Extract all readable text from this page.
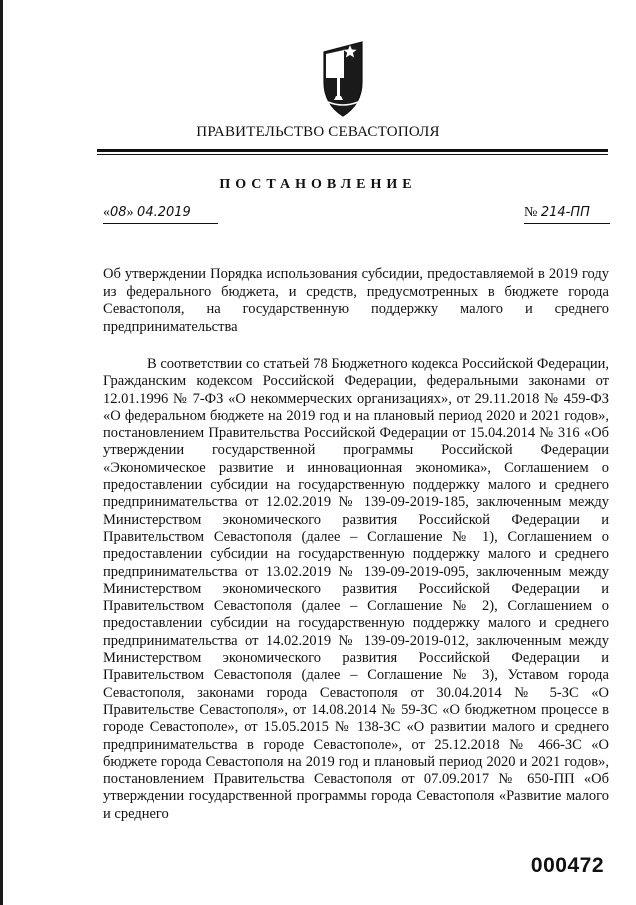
ПРАВИТЕЛЬСТВО СЕВАСТОПОЛЯ
ПОСТАНОВЛЕНИЕ
«08» 04.2019	№ 214-ПП
Об утверждении Порядка использования субсидии, предоставляемой в 2019 году из федерального бюджета, и средств, предусмотренных в бюджете города Севастополя, на государственную поддержку малого и среднего предпринимательства
В соответствии со статьей 78 Бюджетного кодекса Российской Федерации, Гражданским кодексом Российской Федерации, федеральными законами от 12.01.1996 № 7-ФЗ «О некоммерческих организациях», от 29.11.2018 № 459-ФЗ «О федеральном бюджете на 2019 год и на плановый период 2020 и 2021 годов», постановлением Правительства Российской Федерации от 15.04.2014 № 316 «Об утверждении государственной программы Российской Федерации «Экономическое развитие и инновационная экономика», Соглашением о предоставлении субсидии на государственную поддержку малого и среднего предпринимательства от 12.02.2019 № 139-09-2019-185, заключенным между Министерством экономического развития Российской Федерации и Правительством Севастополя (далее – Соглашение № 1), Соглашением о предоставлении субсидии на государственную поддержку малого и среднего предпринимательства от 13.02.2019 № 139-09-2019-095, заключенным между Министерством экономического развития Российской Федерации и Правительством Севастополя (далее – Соглашение № 2), Соглашением о предоставлении субсидии на государственную поддержку малого и среднего предпринимательства от 14.02.2019 № 139-09-2019-012, заключенным между Министерством экономического развития Российской Федерации и Правительством Севастополя (далее – Соглашение № 3), Уставом города Севастополя, законами города Севастополя от 30.04.2014 № 5-ЗС «О Правительстве Севастополя», от 14.08.2014 № 59-ЗС «О бюджетном процессе в городе Севастополе», от 15.05.2015 № 138-ЗС «О развитии малого и среднего предпринимательства в городе Севастополе», от 25.12.2018 № 466-ЗС «О бюджете города Севастополя на 2019 год и плановый период 2020 и 2021 годов», постановлением Правительства Севастополя от 07.09.2017 № 650-ПП «Об утверждении государственной программы города Севастополя «Развитие малого и среднего
000472
